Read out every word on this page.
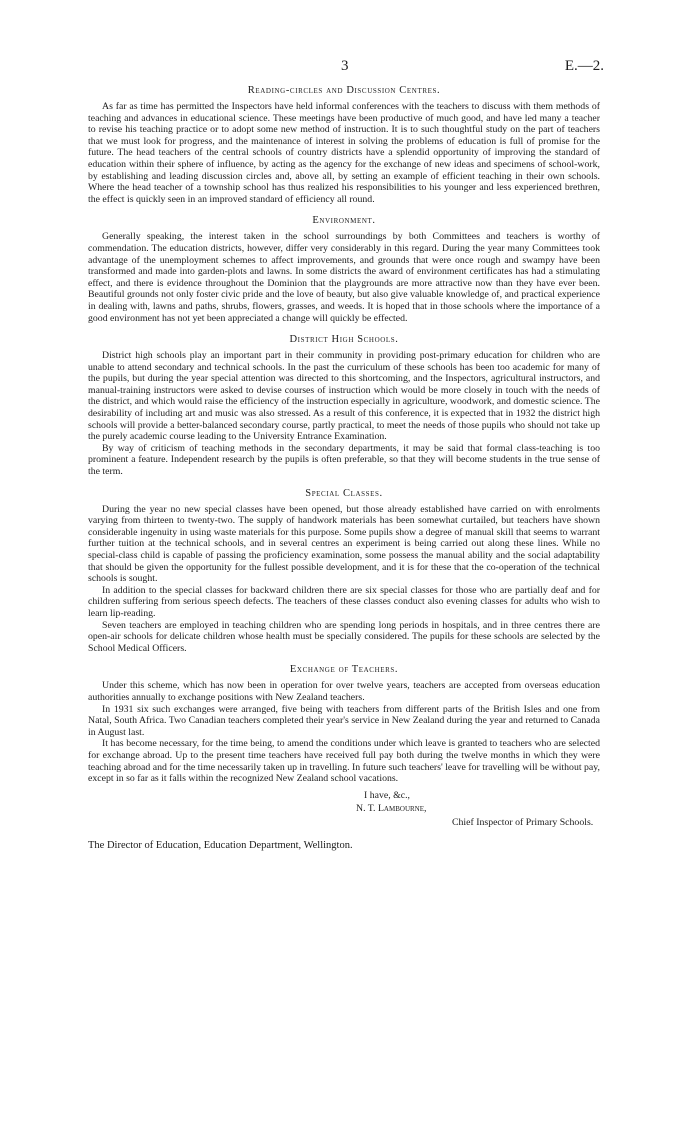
3	E.—2.
Reading-circles and Discussion Centres.

As far as time has permitted the Inspectors have held informal conferences with the teachers to discuss with them methods of teaching and advances in educational science. These meetings have been productive of much good, and have led many a teacher to revise his teaching practice or to adopt some new method of instruction. It is to such thoughtful study on the part of teachers that we must look for progress, and the maintenance of interest in solving the problems of education is full of promise for the future. The head teachers of the central schools of country districts have a splendid opportunity of improving the standard of education within their sphere of influence, by acting as the agency for the exchange of new ideas and specimens of school-work, by establishing and leading discussion circles and, above all, by setting an example of efficient teaching in their own schools. Where the head teacher of a township school has thus realized his responsibilities to his younger and less experienced brethren, the effect is quickly seen in an improved standard of efficiency all round.

Environment.

Generally speaking, the interest taken in the school surroundings by both Committees and teachers is worthy of commendation. The education districts, however, differ very considerably in this regard. During the year many Committees took advantage of the unemployment schemes to affect improvements, and grounds that were once rough and swampy have been transformed and made into garden-plots and lawns. In some districts the award of environment certificates has had a stimulating effect, and there is evidence throughout the Dominion that the playgrounds are more attractive now than they have ever been. Beautiful grounds not only foster civic pride and the love of beauty, but also give valuable knowledge of, and practical experience in dealing with, lawns and paths, shrubs, flowers, grasses, and weeds. It is hoped that in those schools where the importance of a good environment has not yet been appreciated a change will quickly be effected.

District High Schools.

District high schools play an important part in their community in providing post-primary education for children who are unable to attend secondary and technical schools. In the past the curriculum of these schools has been too academic for many of the pupils, but during the year special attention was directed to this shortcoming, and the Inspectors, agricultural instructors, and manual-training instructors were asked to devise courses of instruction which would be more closely in touch with the needs of the district, and which would raise the efficiency of the instruction especially in agriculture, woodwork, and domestic science. The desirability of including art and music was also stressed. As a result of this conference, it is expected that in 1932 the district high schools will provide a better-balanced secondary course, partly practical, to meet the needs of those pupils who should not take up the purely academic course leading to the University Entrance Examination.

By way of criticism of teaching methods in the secondary departments, it may be said that formal class-teaching is too prominent a feature. Independent research by the pupils is often preferable, so that they will become students in the true sense of the term.

Special Classes.

During the year no new special classes have been opened, but those already established have carried on with enrolments varying from thirteen to twenty-two. The supply of handwork materials has been somewhat curtailed, but teachers have shown considerable ingenuity in using waste materials for this purpose. Some pupils show a degree of manual skill that seems to warrant further tuition at the technical schools, and in several centres an experiment is being carried out along these lines. While no special-class child is capable of passing the proficiency examination, some possess the manual ability and the social adaptability that should be given the opportunity for the fullest possible development, and it is for these that the co-operation of the technical schools is sought.

In addition to the special classes for backward children there are six special classes for those who are partially deaf and for children suffering from serious speech defects. The teachers of these classes conduct also evening classes for adults who wish to learn lip-reading.

Seven teachers are employed in teaching children who are spending long periods in hospitals, and in three centres there are open-air schools for delicate children whose health must be specially considered. The pupils for these schools are selected by the School Medical Officers.

Exchange of Teachers.

Under this scheme, which has now been in operation for over twelve years, teachers are accepted from overseas education authorities annually to exchange positions with New Zealand teachers.

In 1931 six such exchanges were arranged, five being with teachers from different parts of the British Isles and one from Natal, South Africa. Two Canadian teachers completed their year's service in New Zealand during the year and returned to Canada in August last.

It has become necessary, for the time being, to amend the conditions under which leave is granted to teachers who are selected for exchange abroad. Up to the present time teachers have received full pay both during the twelve months in which they were teaching abroad and for the time necessarily taken up in travelling. In future such teachers' leave for travelling will be without pay, except in so far as it falls within the recognized New Zealand school vacations.

I have, &c.,
N. T. Lambourne,
Chief Inspector of Primary Schools.
The Director of Education, Education Department, Wellington.
